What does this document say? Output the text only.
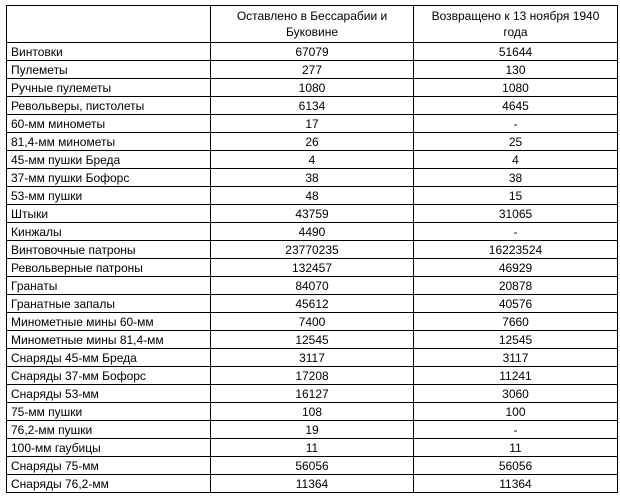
	Оставлено в Бессарабии и Буковине	Возвращено к 13 ноября 1940 года
Винтовки	67079	51644
Пулеметы	277	130
Ручные пулеметы	1080	1080
Револьверы, пистолеты	6134	4645
60-мм минометы	17	-
81,4-мм минометы	26	25
45-мм пушки Бреда	4	4
37-мм пушки Бофорс	38	38
53-мм пушки	48	15
Штыки	43759	31065
Кинжалы	4490	-
Винтовочные патроны	23770235	16223524
Револьверные патроны	132457	46929
Гранаты	84070	20878
Гранатные запалы	45612	40576
Минометные мины 60-мм	7400	7660
Минометные мины 81,4-мм	12545	12545
Снаряды 45-мм Бреда	3117	3117
Снаряды 37-мм Бофорс	17208	11241
Снаряды 53-мм	16127	3060
75-мм пушки	108	100
76,2-мм пушки	19	-
100-мм гаубицы	11	11
Снаряды 75-мм	56056	56056
Снаряды 76,2-мм	11364	11364
